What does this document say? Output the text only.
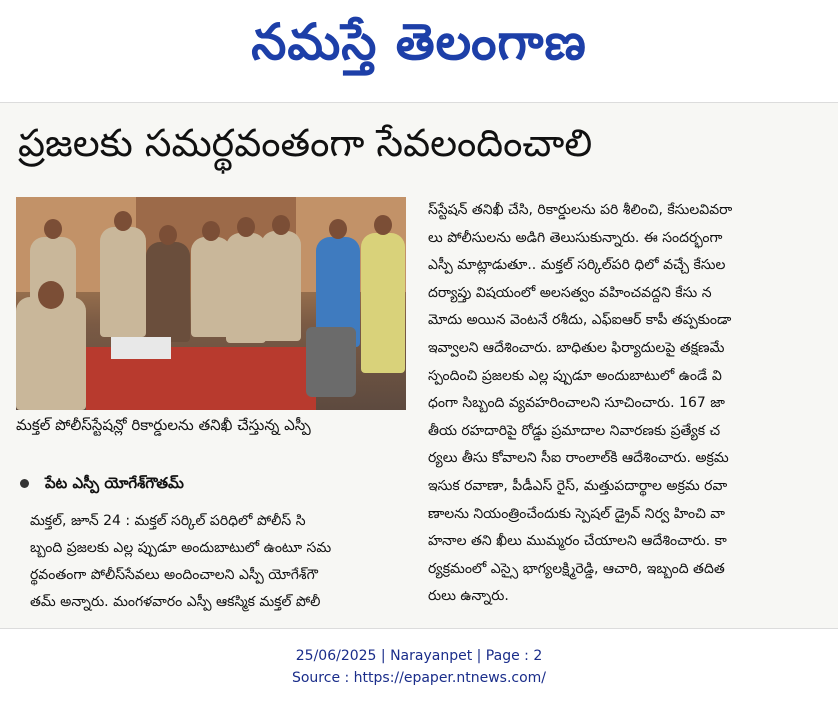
నమస్తే తెలంగాణ
ప్రజలకు సమర్థవంతంగా సేవలందించాలి
మక్తల్ పోలీస్‌స్టేషన్లో రికార్డులను తనిఖీ చేస్తున్న ఎస్పీ
పేట ఎస్పీ యోగేశ్‌గౌతమ్
మక్తల్, జూన్ 24 : మక్తల్ సర్కిల్ పరిధిలో పోలీస్ సి
బ్బంది ప్రజలకు ఎల్ల ప్పుడూ అందుబాటులో ఉంటూ సమ
ర్థవంతంగా పోలీస్‌సేవలు అందించాలని ఎస్పీ యోగేశ్‌గౌ
తమ్ అన్నారు. మంగళవారం ఎస్పీ ఆకస్మిక మక్తల్ పోలీ
స్‌స్టేషన్ తనిఖీ చేసి, రికార్డులను పరి శీలించి, కేసులవివరా
లు పోలీసులను అడిగి తెలుసుకున్నారు. ఈ సందర్భంగా
ఎస్పీ మాట్లాడుతూ.. మక్తల్ సర్కిల్‌పరి ధిలో వచ్చే కేసుల
దర్యాప్తు విషయంలో అలసత్వం వహించవద్దని కేసు న
మోదు అయిన వెంటనే రశీదు, ఎఫ్ఐఆర్ కాపీ తప్పకుండా
ఇవ్వాలని ఆదేశించారు. బాధితుల ఫిర్యాదులపై తక్షణమే
స్పందించి ప్రజలకు ఎల్ల ప్పుడూ అందుబాటులో ఉండే వి
ధంగా సిబ్బంది వ్యవహరించాలని సూచించారు. 167 జా
తీయ రహదారిపై రోడ్డు ప్రమాదాల నివారణకు ప్రత్యేక చ
ర్యలు తీసు కోవాలని సీఐ రాంలాల్‌కి ఆదేశించారు. అక్రమ
ఇసుక రవాణా, పీడీఎస్ రైస్, మత్తుపదార్థాల అక్రమ రవా
ణాలను నియంత్రించేందుకు స్పెషల్ డ్రైవ్ నిర్వ హించి వా
హనాల తని ఖీలు ముమ్మరం చేయాలని ఆదేశించారు. కా
ర్యక్రమంలో ఎస్సై భాగ్యలక్ష్మిరెడ్డి, ఆచారి, ఇబ్బంది తదిత
రులు ఉన్నారు.
25/06/2025 | Narayanpet | Page : 2
Source : https://epaper.ntnews.com/
